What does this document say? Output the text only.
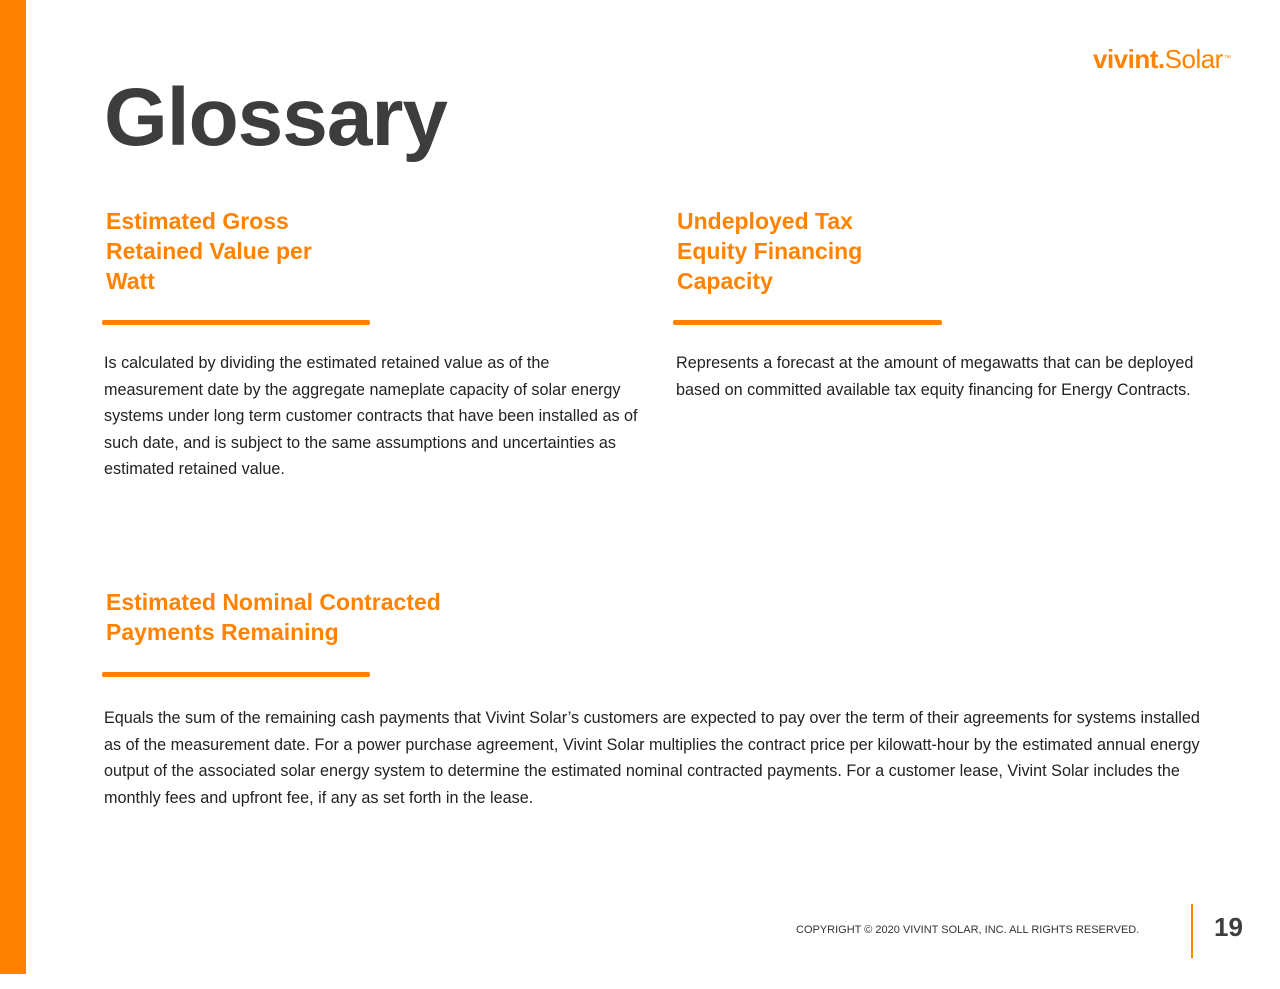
vivint.Solar™
Glossary
Estimated Gross
Retained Value per
Watt

Is calculated by dividing the estimated retained value as of the measurement date by the aggregate nameplate capacity of solar energy systems under long term customer contracts that have been installed as of such date, and is subject to the same assumptions and uncertainties as estimated retained value.

Undeployed Tax
Equity Financing
Capacity

Represents a forecast at the amount of megawatts that can be deployed based on committed available tax equity financing for Energy Contracts.

Estimated Nominal Contracted
Payments Remaining

Equals the sum of the remaining cash payments that Vivint Solar’s customers are expected to pay over the term of their agreements for systems installed as of the measurement date. For a power purchase agreement, Vivint Solar multiplies the contract price per kilowatt-hour by the estimated annual energy output of the associated solar energy system to determine the estimated nominal contracted payments. For a customer lease, Vivint Solar includes the monthly fees and upfront fee, if any as set forth in the lease.

COPYRIGHT © 2020 VIVINT SOLAR, INC. ALL RIGHTS RESERVED.	19
